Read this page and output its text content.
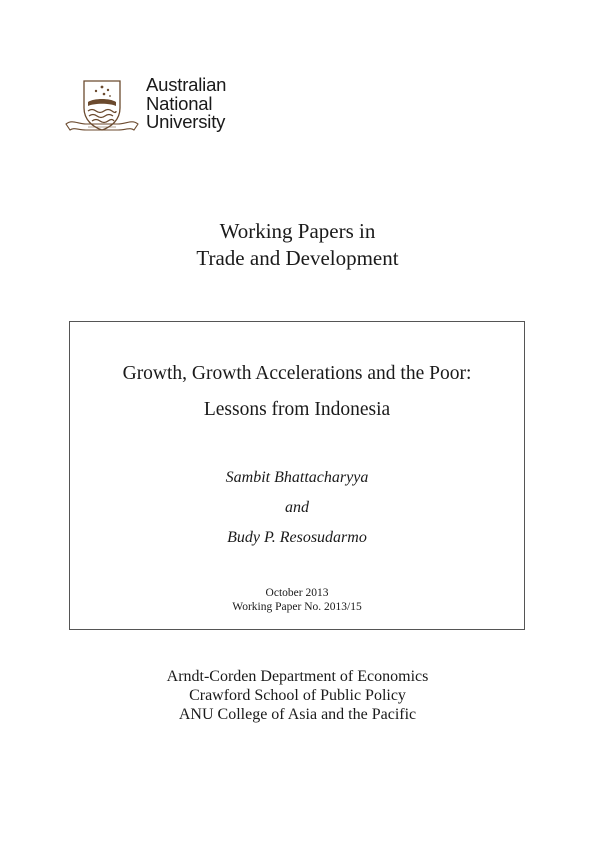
Australian
National
University
Working Papers in
Trade and Development
Growth, Growth Accelerations and the Poor:
Lessons from Indonesia
Sambit Bhattacharyya
and
Budy P. Resosudarmo
October 2013
Working Paper No. 2013/15
Arndt-Corden Department of Economics
Crawford School of Public Policy
ANU College of Asia and the Pacific
